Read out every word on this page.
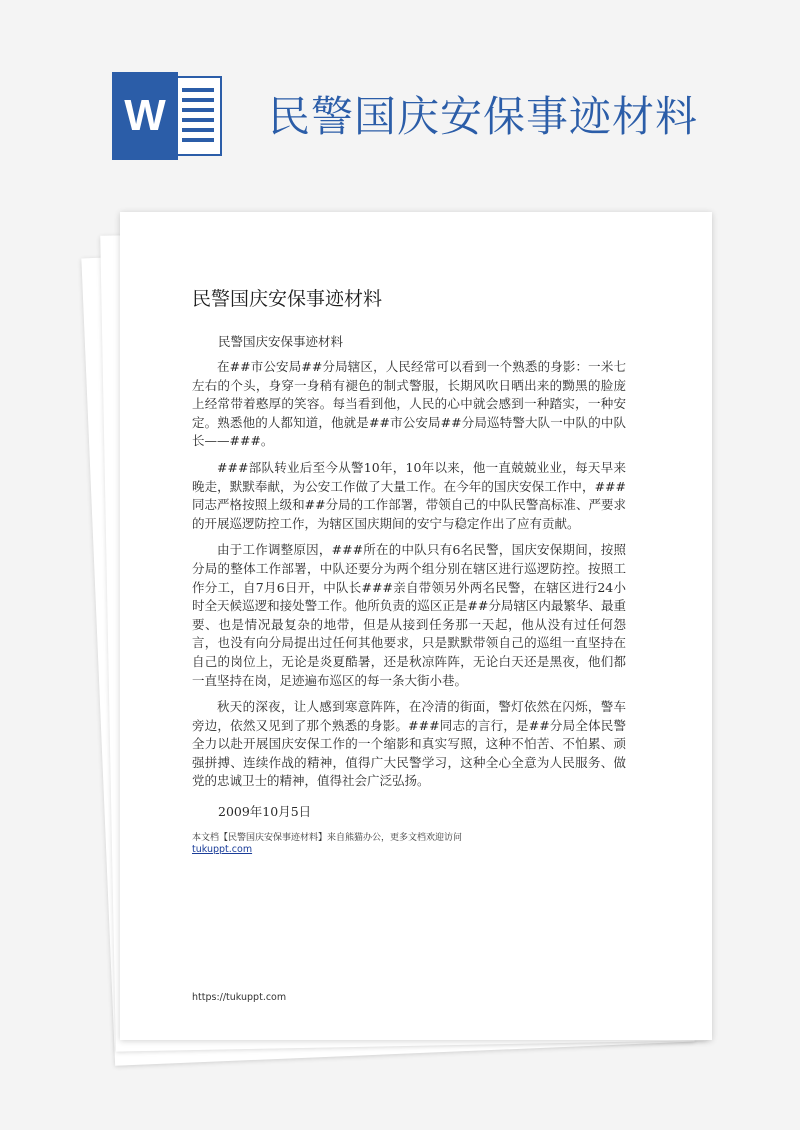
W 民警国庆安保事迹材料
民警国庆安保事迹材料
民警国庆安保事迹材料

在##市公安局##分局辖区，人民经常可以看到一个熟悉的身影：一米七左右的个头，身穿一身稍有褪色的制式警服，长期风吹日晒出来的黝黑的脸庞上经常带着憨厚的笑容。每当看到他，人民的心中就会感到一种踏实，一种安定。熟悉他的人都知道，他就是##市公安局##分局巡特警大队一中队的中队长——###。

###部队转业后至今从警10年，10年以来，他一直兢兢业业，每天早来晚走，默默奉献，为公安工作做了大量工作。在今年的国庆安保工作中，###同志严格按照上级和##分局的工作部署，带领自己的中队民警高标准、严要求的开展巡逻防控工作，为辖区国庆期间的安宁与稳定作出了应有贡献。

由于工作调整原因，###所在的中队只有6名民警，国庆安保期间，按照分局的整体工作部署，中队还要分为两个组分别在辖区进行巡逻防控。按照工作分工，自7月6日开，中队长###亲自带领另外两名民警，在辖区进行24小时全天候巡逻和接处警工作。他所负责的巡区正是##分局辖区内最繁华、最重要、也是情况最复杂的地带，但是从接到任务那一天起，他从没有过任何怨言，也没有向分局提出过任何其他要求，只是默默带领自己的巡组一直坚持在自己的岗位上，无论是炎夏酷暑，还是秋凉阵阵，无论白天还是黑夜，他们都一直坚持在岗，足迹遍布巡区的每一条大街小巷。

秋天的深夜，让人感到寒意阵阵，在冷清的街面，警灯依然在闪烁，警车旁边，依然又见到了那个熟悉的身影。###同志的言行，是##分局全体民警全力以赴开展国庆安保工作的一个缩影和真实写照，这种不怕苦、不怕累、顽强拼搏、连续作战的精神，值得广大民警学习，这种全心全意为人民服务、做党的忠诚卫士的精神，值得社会广泛弘扬。

2009年10月5日
本文档【民警国庆安保事迹材料】来自熊猫办公，更多文档欢迎访问
tukuppt.com
https://tukuppt.com
